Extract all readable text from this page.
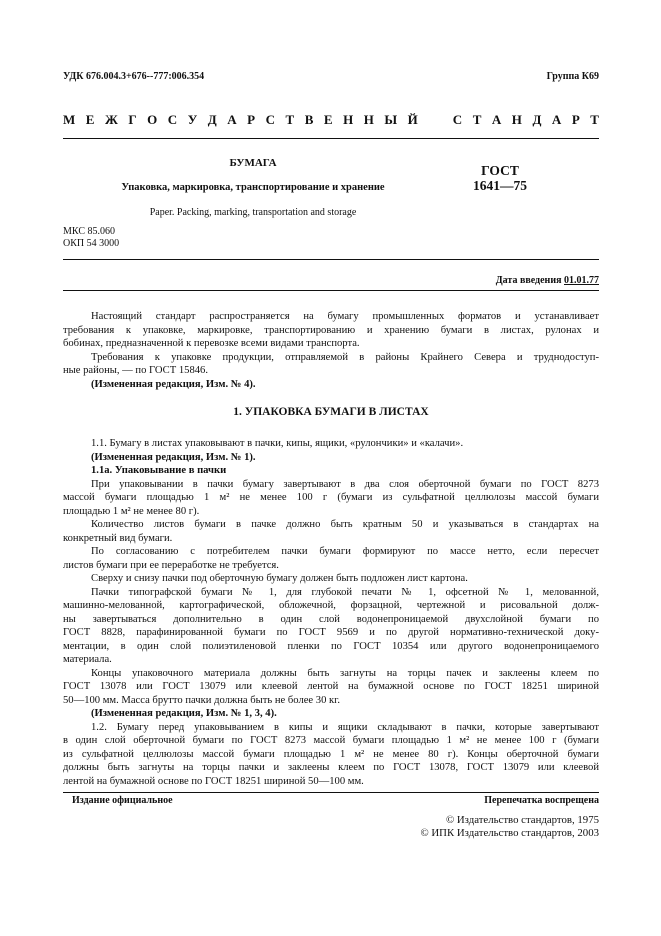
УДК 676.004.3+676--777:006.354	Группа К69
М Е Ж Г О С У Д А Р С Т В Е Н Н Ы Й	С Т А Н Д А Р Т
БУМАГА
Упаковка, маркировка, транспортирование и хранение
Paper. Packing, marking, transportation and storage
ГОСТ
1641—75
МКС 85.060
ОКП 54 3000
Дата введения 01.01.77
Настоящий стандарт распространяется на бумагу промышленных форматов и устанавливает
требования к упаковке, маркировке, транспортированию и хранению бумаги в листах, рулонах и
бобинах, предназначенной к перевозке всеми видами транспорта.
Требования к упаковке продукции, отправляемой в районы Крайнего Севера и труднодоступ-
ные районы, — по ГОСТ 15846.
(Измененная редакция, Изм. № 4).
1. УПАКОВКА БУМАГИ В ЛИСТАХ
1.1. Бумагу в листах упаковывают в пачки, кипы, ящики, «рулончики» и «калачи».
(Измененная редакция, Изм. № 1).
1.1а. Упаковывание в пачки
При упаковывании в пачки бумагу завертывают в два слоя оберточной бумаги по ГОСТ 8273
массой бумаги площадью 1 м² не менее 100 г (бумаги из сульфатной целлюлозы массой бумаги
площадью 1 м² не менее 80 г).
Количество листов бумаги в пачке должно быть кратным 50 и указываться в стандартах на
конкретный вид бумаги.
По согласованию с потребителем пачки бумаги формируют по массе нетто, если пересчет
листов бумаги при ее переработке не требуется.
Сверху и снизу пачки под оберточную бумагу должен быть подложен лист картона.
Пачки типографской бумаги № 1, для глубокой печати № 1, офсетной № 1, мелованной,
машинно-мелованной, картографической, обложечной, форзацной, чертежной и рисовальной долж-
ны завертываться дополнительно в один слой водонепроницаемой двухслойной бумаги по
ГОСТ 8828, парафинированной бумаги по ГОСТ 9569 и по другой нормативно-технической доку-
ментации, в один слой полиэтиленовой пленки по ГОСТ 10354 или другого водонепроницаемого
материала.
Концы упаковочного материала должны быть загнуты на торцы пачек и заклеены клеем по
ГОСТ 13078 или ГОСТ 13079 или клеевой лентой на бумажной основе по ГОСТ 18251 шириной
50—100 мм. Масса брутто пачки должна быть не более 30 кг.
(Измененная редакция, Изм. № 1, 3, 4).
1.2. Бумагу перед упаковыванием в кипы и ящики складывают в пачки, которые завертывают
в один слой оберточной бумаги по ГОСТ 8273 массой бумаги площадью 1 м² не менее 100 г (бумаги
из сульфатной целлюлозы массой бумаги площадью 1 м² не менее 80 г). Концы оберточной бумаги
должны быть загнуты на торцы пачки и заклеены клеем по ГОСТ 13078, ГОСТ 13079 или клеевой
лентой на бумажной основе по ГОСТ 18251 шириной 50—100 мм.
Издание официальное	Перепечатка воспрещена
© Издательство стандартов, 1975
© ИПК Издательство стандартов, 2003
